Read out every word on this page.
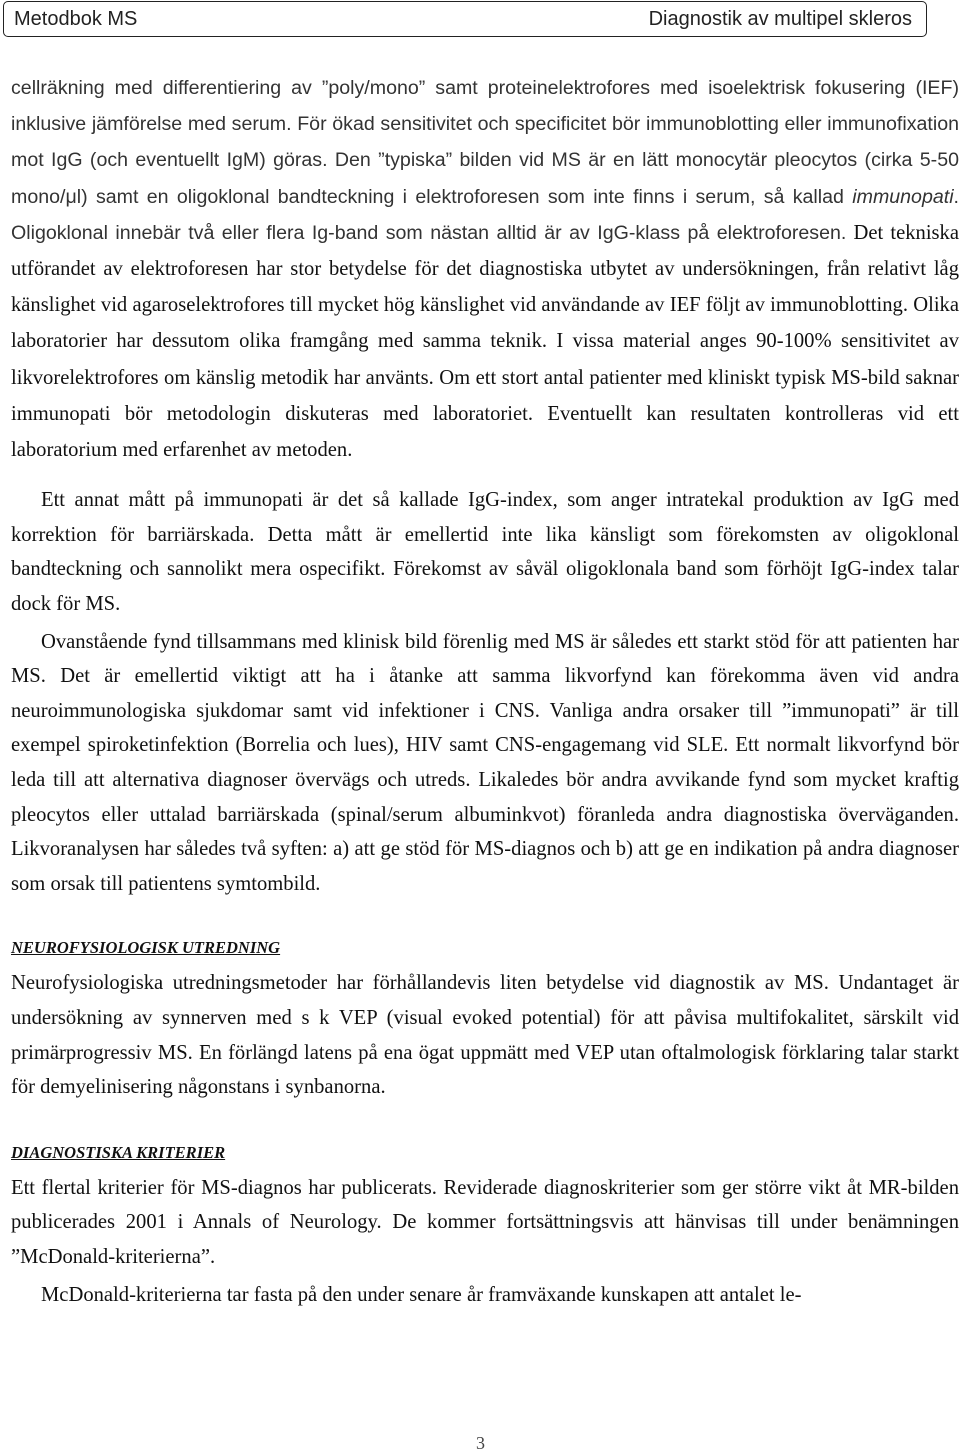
Metodbok MS	Diagnostik av multipel skleros

cellräkning med differentiering av ”poly/mono” samt proteinelektrofores med isoelektrisk fokusering (IEF) inklusive jämförelse med serum. För ökad sensitivitet och specificitet bör immunoblotting eller immunofixation mot IgG (och eventuellt IgM) göras. Den ”typiska” bilden vid MS är en lätt monocytär pleocytos (cirka 5-50 mono/μl) samt en oligoklonal bandteckning i elektroforesen som inte finns i serum, så kallad immunopati. Oligoklonal innebär två eller flera Ig-band som nästan alltid är av IgG-klass på elektroforesen. Det tekniska utförandet av elektroforesen har stor betydelse för det diagnostiska utbytet av undersökningen, från relativt låg känslighet vid agaroselektrofores till mycket hög känslighet vid användande av IEF följt av immunoblotting. Olika laboratorier har dessutom olika framgång med samma teknik. I vissa material anges 90-100% sensitivitet av likvorelektrofores om känslig metodik har använts. Om ett stort antal patienter med kliniskt typisk MS-bild saknar immunopati bör metodologin diskuteras med laboratoriet. Eventuellt kan resultaten kontrolleras vid ett laboratorium med erfarenhet av metoden.

Ett annat mått på immunopati är det så kallade IgG-index, som anger intratekal produktion av IgG med korrektion för barriärskada. Detta mått är emellertid inte lika känsligt som förekomsten av oligoklonal bandteckning och sannolikt mera ospecifikt. Förekomst av såväl oligoklonala band som förhöjt IgG-index talar dock för MS.

Ovanstående fynd tillsammans med klinisk bild förenlig med MS är således ett starkt stöd för att patienten har MS. Det är emellertid viktigt att ha i åtanke att samma likvorfynd kan förekomma även vid andra neuroimmunologiska sjukdomar samt vid infektioner i CNS. Vanliga andra orsaker till ”immunopati” är till exempel spiroketinfektion (Borrelia och lues), HIV samt CNS-engagemang vid SLE. Ett normalt likvorfynd bör leda till att alternativa diagnoser övervägs och utreds. Likaledes bör andra avvikande fynd som mycket kraftig pleocytos eller uttalad barriärskada (spinal/serum albuminkvot) föranleda andra diagnostiska överväganden. Likvoranalysen har således två syften: a) att ge stöd för MS-diagnos och b) att ge en indikation på andra diagnoser som orsak till patientens symtombild.

NEUROFYSIOLOGISK UTREDNING

Neurofysiologiska utredningsmetoder har förhållandevis liten betydelse vid diagnostik av MS. Undantaget är undersökning av synnerven med s k VEP (visual evoked potential) för att påvisa multifokalitet, särskilt vid primärprogressiv MS. En förlängd latens på ena ögat uppmätt med VEP utan oftalmologisk förklaring talar starkt för demyelinisering någonstans i synbanorna.

DIAGNOSTISKA KRITERIER

Ett flertal kriterier för MS-diagnos har publicerats. Reviderade diagnoskriterier som ger större vikt åt MR-bilden publicerades 2001 i Annals of Neurology. De kommer fortsättningsvis att hänvisas till under benämningen ”McDonald-kriterierna”.

McDonald-kriterierna tar fasta på den under senare år framväxande kunskapen att antalet le-

3
